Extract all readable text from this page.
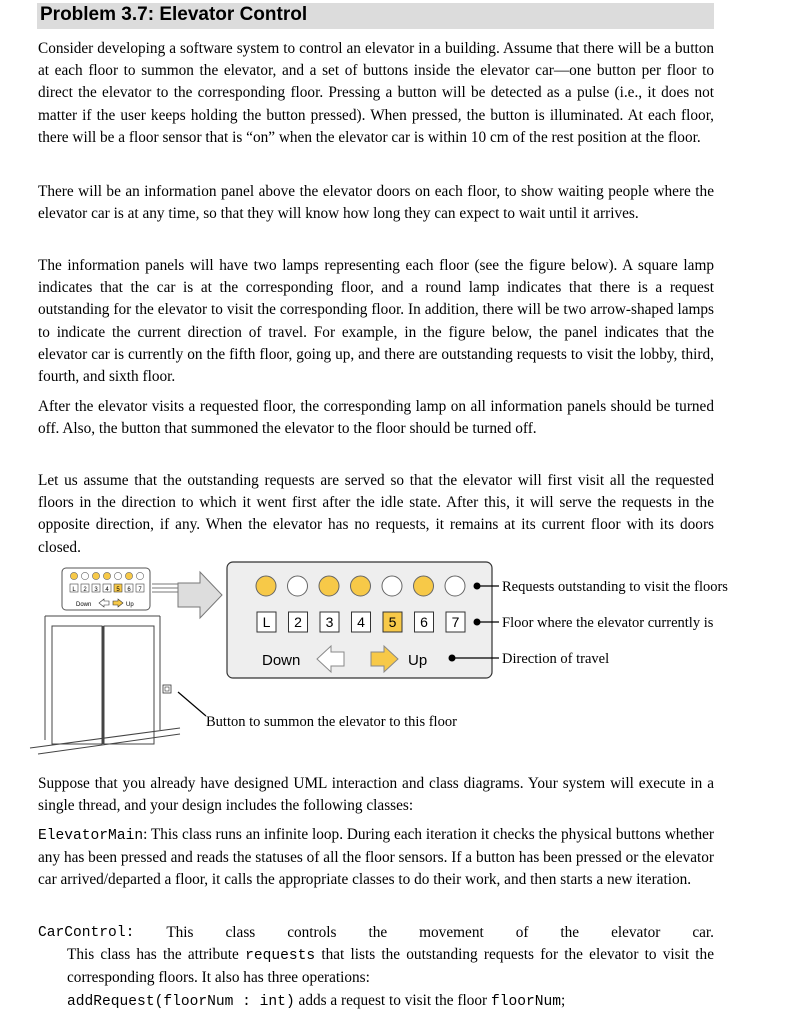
Problem 3.7: Elevator Control

Consider developing a software system to control an elevator in a building. Assume that there will be a button at each floor to summon the elevator, and a set of buttons inside the elevator car—one button per floor to direct the elevator to the corresponding floor. Pressing a button will be detected as a pulse (i.e., it does not matter if the user keeps holding the button pressed). When pressed, the button is illuminated. At each floor, there will be a floor sensor that is “on” when the elevator car is within 10 cm of the rest position at the floor.

There will be an information panel above the elevator doors on each floor, to show waiting people where the elevator car is at any time, so that they will know how long they can expect to wait until it arrives.

The information panels will have two lamps representing each floor (see the figure below). A square lamp indicates that the car is at the corresponding floor, and a round lamp indicates that there is a request outstanding for the elevator to visit the corresponding floor. In addition, there will be two arrow-shaped lamps to indicate the current direction of travel. For example, in the figure below, the panel indicates that the elevator car is currently on the fifth floor, going up, and there are outstanding requests to visit the lobby, third, fourth, and sixth floor.

After the elevator visits a requested floor, the corresponding lamp on all information panels should be turned off. Also, the button that summoned the elevator to the floor should be turned off.

Let us assume that the outstanding requests are served so that the elevator will first visit all the requested floors in the direction to which it went first after the idle state. After this, it will serve the requests in the opposite direction, if any. When the elevator has no requests, it remains at its current floor with its doors closed.

L 2 3 4 5 6 7
Down	Up
L 2 3 4 5 6 7
Down	Up
Requests outstanding to visit the floors
Floor where the elevator currently is
Direction of travel
Button to summon the elevator to this floor

Suppose that you already have designed UML interaction and class diagrams. Your system will execute in a single thread, and your design includes the following classes:

ElevatorMain: This class runs an infinite loop. During each iteration it checks the physical buttons whether any has been pressed and reads the statuses of all the floor sensors. If a button has been pressed or the elevator car arrived/departed a floor, it calls the appropriate classes to do their work, and then starts a new iteration.
CarControl: This class controls the movement of the elevator car.
This class has the attribute requests that lists the outstanding requests for the elevator to visit the corresponding floors. It also has three operations:
addRequest(floorNum : int) adds a request to visit the floor floorNum;
